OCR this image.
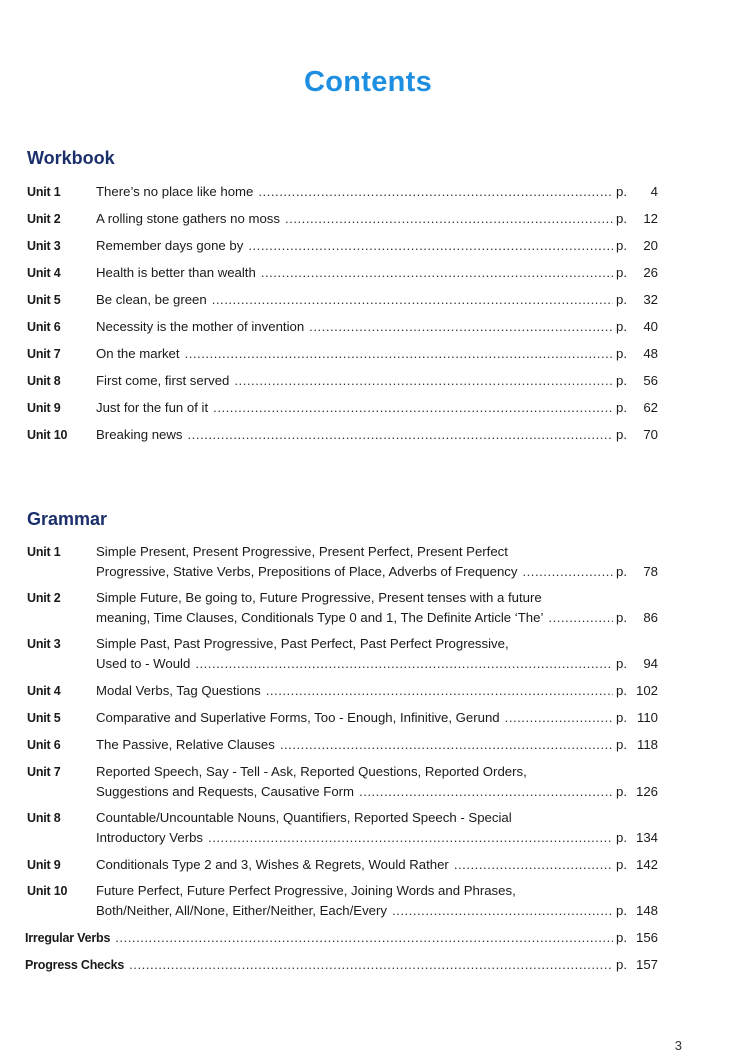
Contents
Workbook
Unit 1	There’s no place like home .....	p. 4
Unit 2	A rolling stone gathers no moss .....	p. 12
Unit 3	Remember days gone by .....	p. 20
Unit 4	Health is better than wealth .....	p. 26
Unit 5	Be clean, be green .....	p. 32
Unit 6	Necessity is the mother of invention .....	p. 40
Unit 7	On the market .....	p. 48
Unit 8	First come, first served .....	p. 56
Unit 9	Just for the fun of it .....	p. 62
Unit 10 Breaking news .....	p. 70
Grammar
Unit 1	Simple Present, Present Progressive, Present Perfect, Present Perfect
Progressive, Stative Verbs, Prepositions of Place, Adverbs of Frequency .....	p. 78
Unit 2	Simple Future, Be going to, Future Progressive, Present tenses with a future
meaning, Time Clauses, Conditionals Type 0 and 1, The Definite Article ‘The’ .....	p. 86
Unit 3	Simple Past, Past Progressive, Past Perfect, Past Perfect Progressive,
Used to - Would .....	p. 94
Unit 4	Modal Verbs, Tag Questions .....	p. 102
Unit 5	Comparative and Superlative Forms, Too - Enough, Infinitive, Gerund .....	p. 110
Unit 6	The Passive, Relative Clauses .....	p. 118
Unit 7	Reported Speech, Say - Tell - Ask, Reported Questions, Reported Orders,
Suggestions and Requests, Causative Form .....	p. 126
Unit 8	Countable/Uncountable Nouns, Quantifiers, Reported Speech - Special
Introductory Verbs .....	p. 134
Unit 9	Conditionals Type 2 and 3, Wishes & Regrets, Would Rather .....	p. 142
Unit 10 Future Perfect, Future Perfect Progressive, Joining Words and Phrases,
Both/Neither, All/None, Either/Neither, Each/Every .....	p. 148
Irregular Verbs .....	p. 156
Progress Checks .....	p. 157
3
